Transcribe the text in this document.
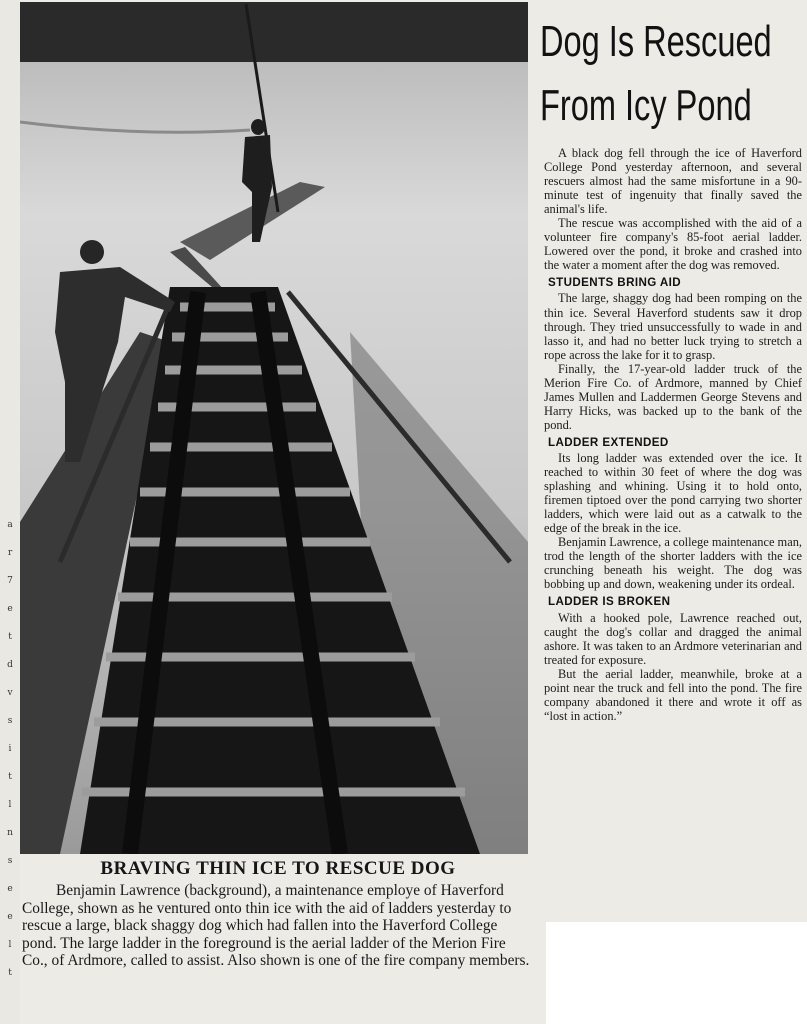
a
r
7
e
t
d
v
s
i
t
l
n
s
e
e
l
t
BRAVING THIN ICE TO RESCUE DOG

Benjamin Lawrence (background), a maintenance employe of Haverford College, shown as he ventured onto thin ice with the aid of ladders yesterday to rescue a large, black shaggy dog which had fallen into the Haverford College pond. The large ladder in the foreground is the aerial ladder of the Merion Fire Co., of Ardmore, called to assist. Also shown is one of the fire company members.

Dog Is Rescued
From Icy Pond

A black dog fell through the ice of Haverford College Pond yesterday afternoon, and several rescuers almost had the same misfortune in a 90-minute test of ingenuity that finally saved the animal's life.

The rescue was accomplished with the aid of a volunteer fire company's 85-foot aerial ladder. Lowered over the pond, it broke and crashed into the water a moment after the dog was removed.

STUDENTS BRING AID

The large, shaggy dog had been romping on the thin ice. Several Haverford students saw it drop through. They tried unsuccessfully to wade in and lasso it, and had no better luck trying to stretch a rope across the lake for it to grasp.

Finally, the 17-year-old ladder truck of the Merion Fire Co. of Ardmore, manned by Chief James Mullen and Laddermen George Stevens and Harry Hicks, was backed up to the bank of the pond.

LADDER EXTENDED

Its long ladder was extended over the ice. It reached to within 30 feet of where the dog was splashing and whining. Using it to hold onto, firemen tiptoed over the pond carrying two shorter ladders, which were laid out as a catwalk to the edge of the break in the ice.

Benjamin Lawrence, a college maintenance man, trod the length of the shorter ladders with the ice crunching beneath his weight. The dog was bobbing up and down, weakening under its ordeal.

LADDER IS BROKEN

With a hooked pole, Lawrence reached out, caught the dog's collar and dragged the animal ashore. It was taken to an Ardmore veterinarian and treated for exposure.

But the aerial ladder, meanwhile, broke at a point near the truck and fell into the pond. The fire company abandoned it there and wrote it off as “lost in action.”
